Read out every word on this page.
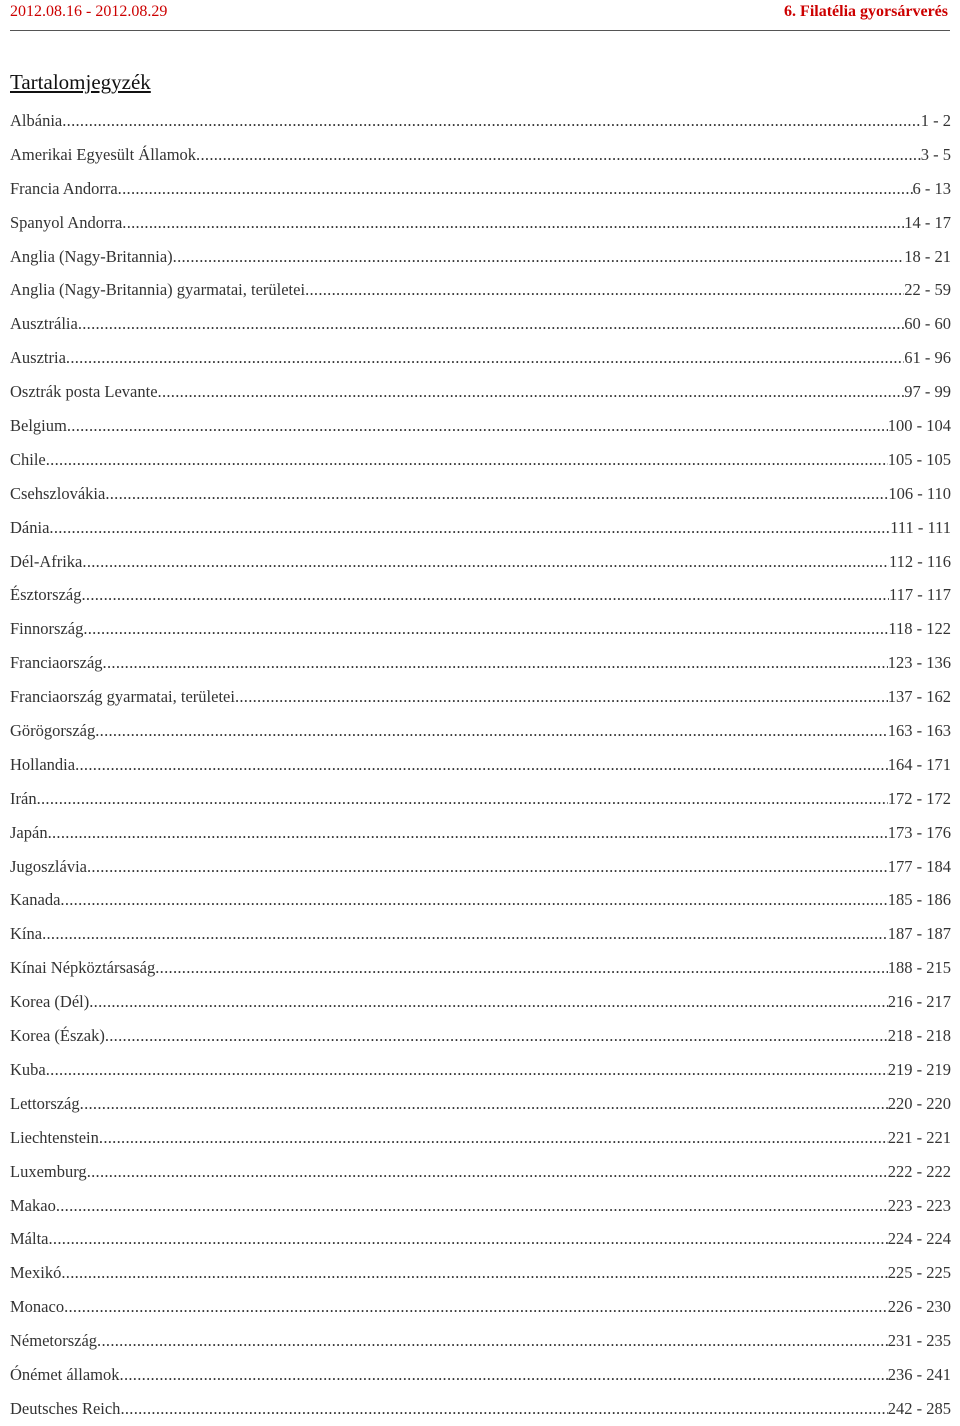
2012.08.16 - 2012.08.29	6. Filatélia gyorsárverés
Tartalomjegyzék
Albánia .....	1 - 2
Amerikai Egyesült Államok .....	3 - 5
Francia Andorra .....	6 - 13
Spanyol Andorra .....	14 - 17
Anglia (Nagy-Britannia) .....	18 - 21
Anglia (Nagy-Britannia) gyarmatai, területei .....	22 - 59
Ausztrália .....	60 - 60
Ausztria .....	61 - 96
Osztrák posta Levante .....	97 - 99
Belgium .....	100 - 104
Chile .....	105 - 105
Csehszlovákia .....	106 - 110
Dánia .....	111 - 111
Dél-Afrika .....	112 - 116
Észtország .....	117 - 117
Finnország .....	118 - 122
Franciaország .....	123 - 136
Franciaország gyarmatai, területei .....	137 - 162
Görögország .....	163 - 163
Hollandia .....	164 - 171
Irán .....	172 - 172
Japán .....	173 - 176
Jugoszlávia .....	177 - 184
Kanada .....	185 - 186
Kína .....	187 - 187
Kínai Népköztársaság .....	188 - 215
Korea (Dél) .....	216 - 217
Korea (Észak) .....	218 - 218
Kuba .....	219 - 219
Lettország .....	220 - 220
Liechtenstein .....	221 - 221
Luxemburg .....	222 - 222
Makao .....	223 - 223
Málta .....	224 - 224
Mexikó .....	225 - 225
Monaco .....	226 - 230
Németország .....	231 - 235
Ónémet államok .....	236 - 241
Deutsches Reich .....	242 - 285
